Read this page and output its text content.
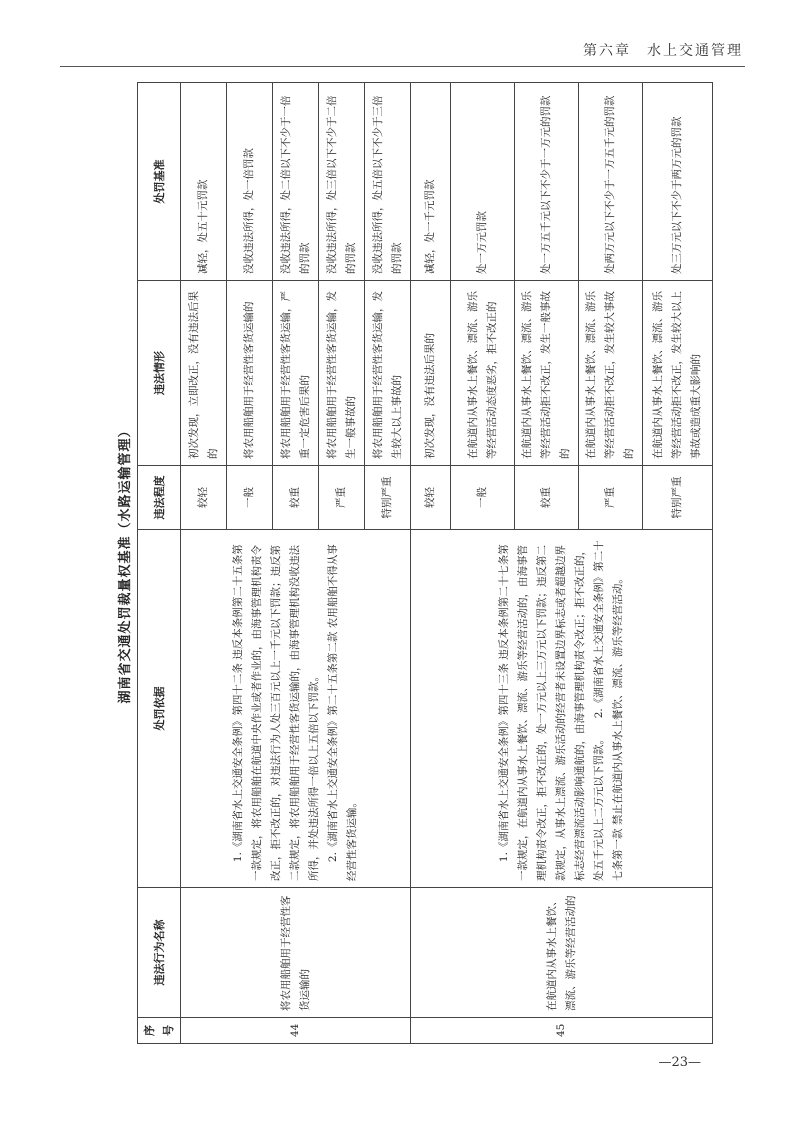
第六章　水上交通管理
湖南省交通处罚裁量权基准（水路运输管理）
序号	违法行为名称	处罚依据	违法程度	违法情形	处罚基准
44	将农用船舶用于经营性客货运输的	1.《湖南省水上交通安全条例》第四十二条 违反本条例第二十五条第一款规定，将农用船舶在航道中央作业或者作业的，由海事管理机构责令改正，拒不改正的，对违法行为人处三百元以上一千元以下罚款；违反第二款规定，将农用船舶用于经营性客货运输的，由海事管理机构没收违法所得，并处违法所得一倍以上五倍以下罚款。 2.《湖南省水上交通安全条例》第二十五条第二款 农用船舶不得从事经营性客货运输。	较轻	初次发现，立即改正，没有违法后果的	减轻，处五十元罚款
			一般	将农用船舶用于经营性客货运输的	没收违法所得，处一倍罚款
			较重	将农用船舶用于经营性客货运输，严重一定危害后果的	没收违法所得，处二倍以下不少于一倍的罚款
			严重	将农用船舶用于经营性客货运输，发生一般事故的	没收违法所得，处三倍以下不少于二倍的罚款
			特别严重	将农用船舶用于经营性客货运输，发生较大以上事故的	没收违法所得，处五倍以下不少于三倍的罚款
45	在航道内从事水上餐饮、漂流、游乐等经营活动的	1.《湖南省水上交通安全条例》第四十三条 违反本条例第二十七条第一款规定，在航道内从事水上餐饮、漂流、游乐等经营活动的，由海事管理机构责令改正，拒不改正的，处一万元以上三万元以下罚款；违反第二款规定，从事水上漂流、游乐活动的经营者未设置边界标志或者超越边界标志经营漂流活动影响通航的，由海事管理机构责令改正；拒不改正的，处五千元以上二万元以下罚款。　　2.《湖南省水上交通安全条例》第二十七条第一款 禁止在航道内从事水上餐饮、漂流、游乐等经营活动。	较轻	初次发现，没有违法后果的	减轻，处一千元罚款
			一般	在航道内从事水上餐饮、漂流、游乐等经营活动态度恶劣，拒不改正的	处一万元罚款
			较重	在航道内从事水上餐饮、漂流、游乐等经营活动拒不改正，发生一般事故的	处一万五千元以下不少于一万元的罚款
			严重	在航道内从事水上餐饮、漂流、游乐等经营活动拒不改正，发生较大事故的	处两万元以下不少于一万五千元的罚款
			特别严重	在航道内从事水上餐饮、漂流、游乐等经营活动拒不改正，发生较大以上事故或造成重大影响的	处三万元以下不少于两万元的罚款
—23—
